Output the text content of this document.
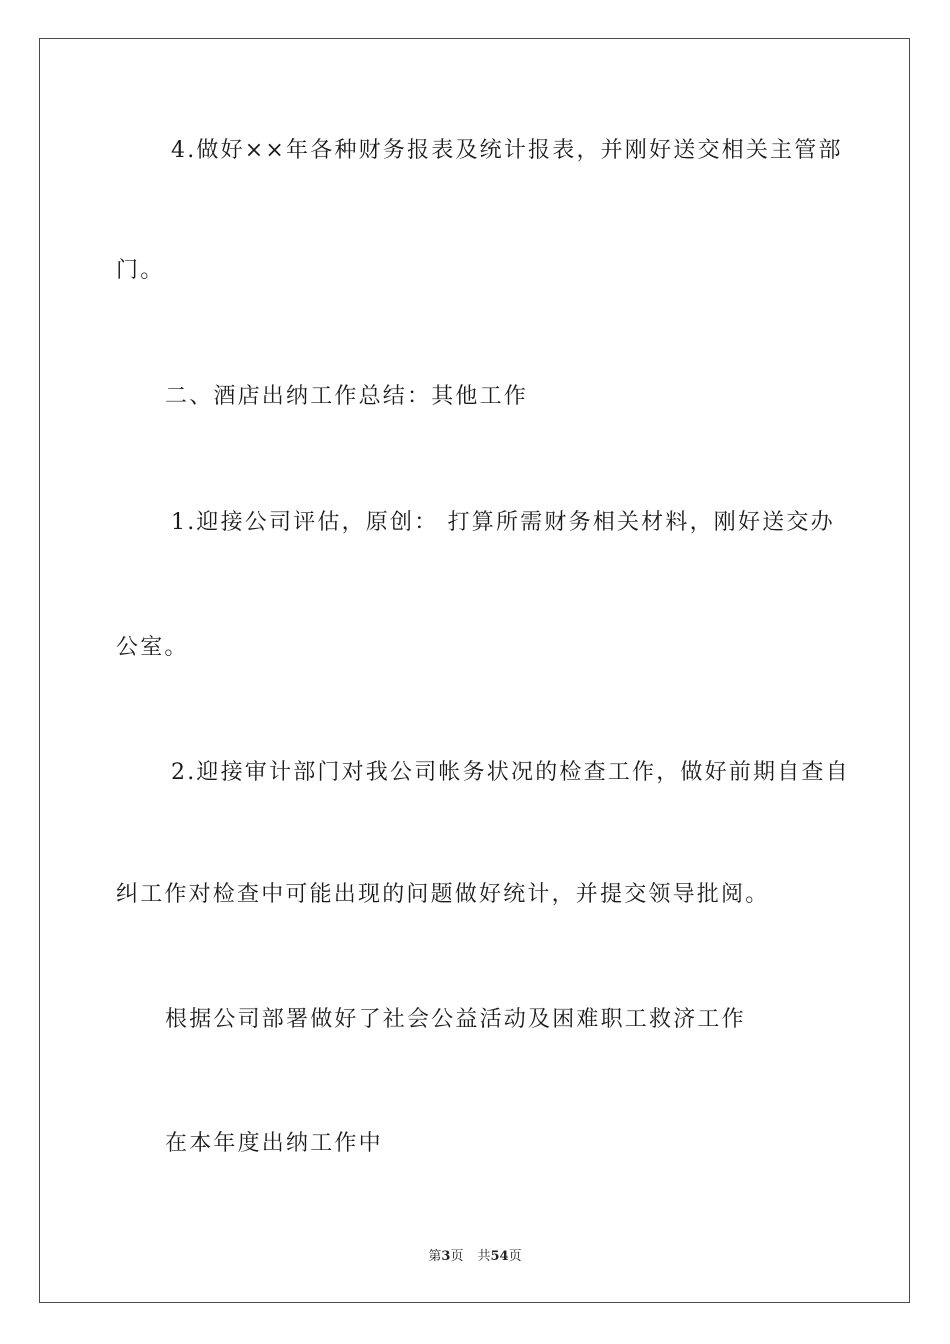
4.做好××年各种财务报表及统计报表，并刚好送交相关主管部
门。
二、酒店出纳工作总结：其他工作
1.迎接公司评估，原创： 打算所需财务相关材料，刚好送交办
公室。
2.迎接审计部门对我公司帐务状况的检查工作，做好前期自查自
纠工作对检查中可能出现的问题做好统计，并提交领导批阅。
根据公司部署做好了社会公益活动及困难职工救济工作
在本年度出纳工作中
第3页 共54页
